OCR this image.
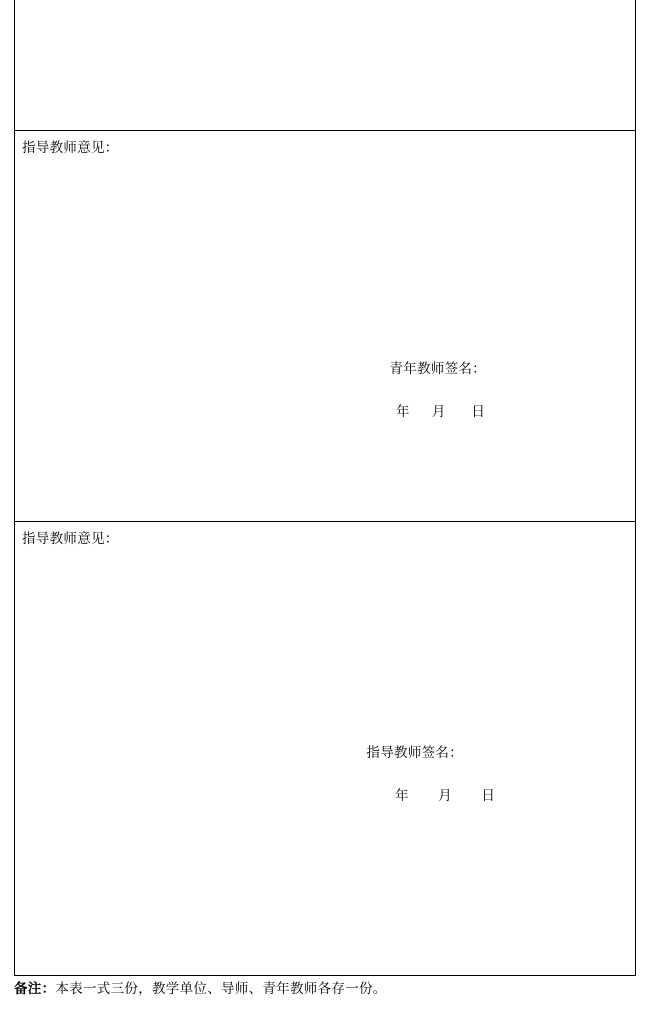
指导教师意见：

青年教师签名：

年      月       日

指导教师意见：

指导教师签名：

年        月        日

备注：本表一式三份，教学单位、导师、青年教师各存一份。
